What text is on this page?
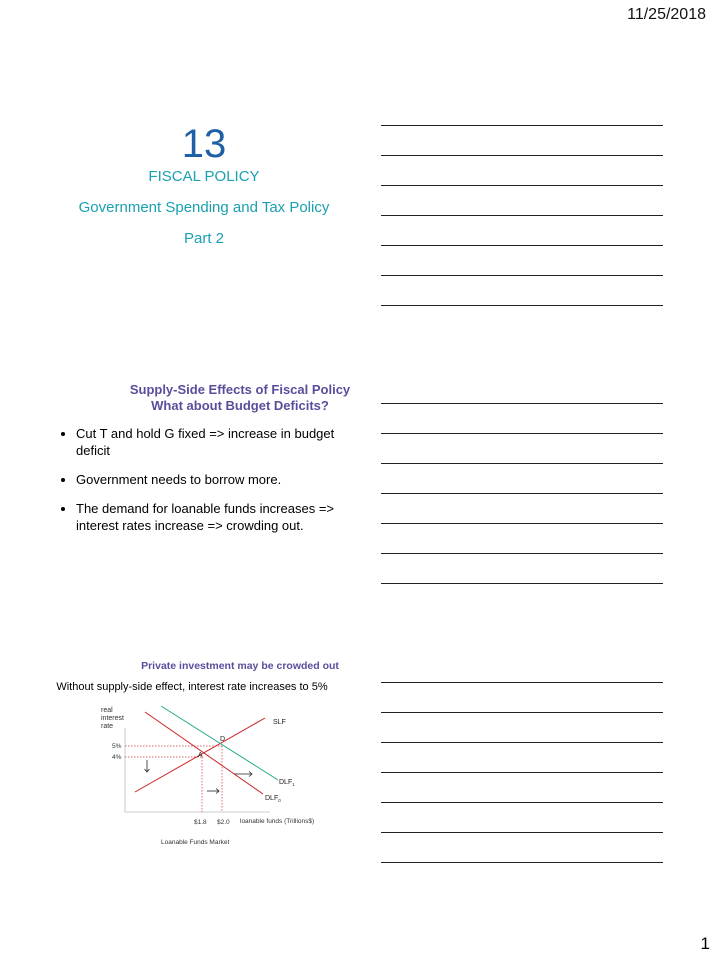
11/25/2018
1
13
FISCAL POLICY
Government Spending and Tax Policy
Part 2
Supply-Side Effects of Fiscal Policy
What about Budget Deficits?
• Cut T and hold G fixed => increase in budget deficit
• Government needs to borrow more.
• The demand for loanable funds increases => interest rates increase => crowding out.
Private investment may be crowded out
Without supply-side effect, interest rate increases to 5%
real
interest
rate
5%
4%
D
A
SLF
$DLF_1$
$DLF_0$
$1.8 $2.0 loanable funds (Trillions$)
Loanable Funds Market
